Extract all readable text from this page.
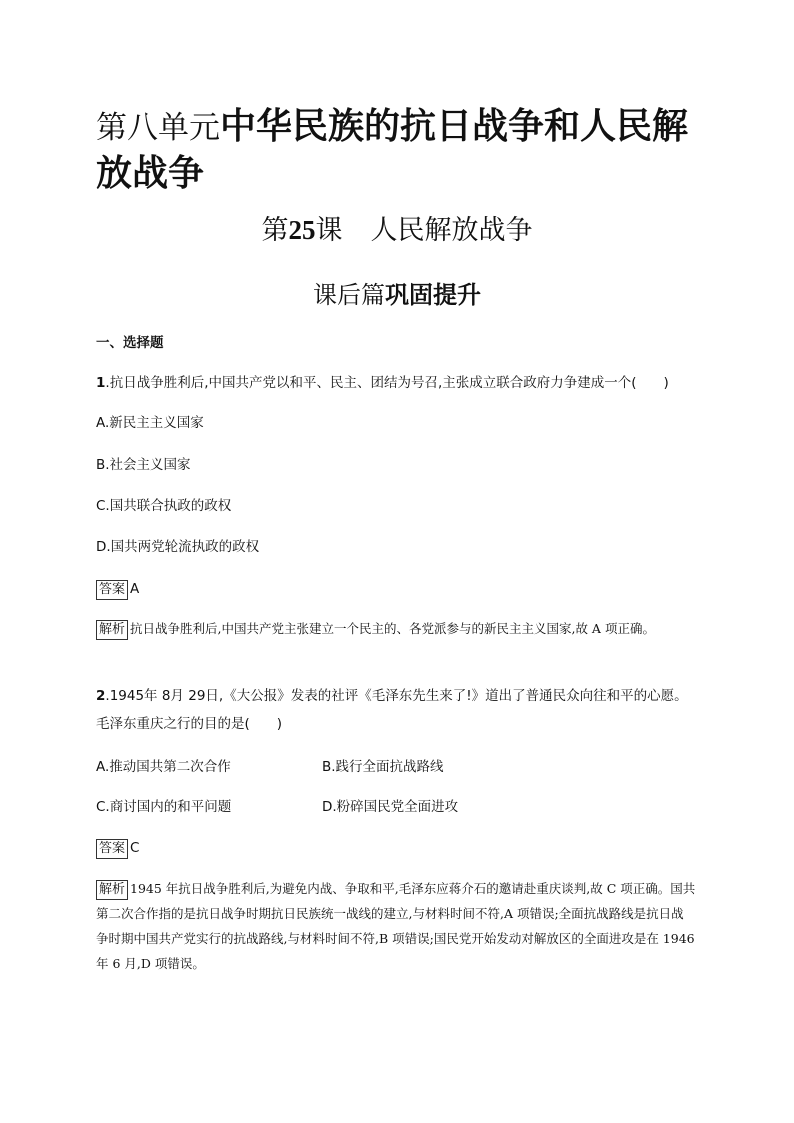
第八单元中华民族的抗日战争和人民解放战争
第25课 人民解放战争
课后篇巩固提升
一、选择题
1.抗日战争胜利后,中国共产党以和平、民主、团结为号召,主张成立联合政府力争建成一个(　　)
A.新民主主义国家
B.社会主义国家
C.国共联合执政的政权
D.国共两党轮流执政的政权
答案 A
解析 抗日战争胜利后,中国共产党主张建立一个民主的、各党派参与的新民主主义国家,故 A 项正确。
2.1945年 8月 29日,《大公报》发表的社评《毛泽东先生来了!》道出了普通民众向往和平的心愿。
毛泽东重庆之行的目的是(　　)
A.推动国共第二次合作	B.践行全面抗战路线
C.商讨国内的和平问题	D.粉碎国民党全面进攻
答案 C
解析 1945 年抗日战争胜利后,为避免内战、争取和平,毛泽东应蒋介石的邀请赴重庆谈判,故 C 项正确。国共第二次合作指的是抗日战争时期抗日民族统一战线的建立,与材料时间不符,A 项错误;全面抗战路线是抗日战争时期中国共产党实行的抗战路线,与材料时间不符,B 项错误;国民党开始发动对解放区的全面进攻是在 1946 年 6 月,D 项错误。
